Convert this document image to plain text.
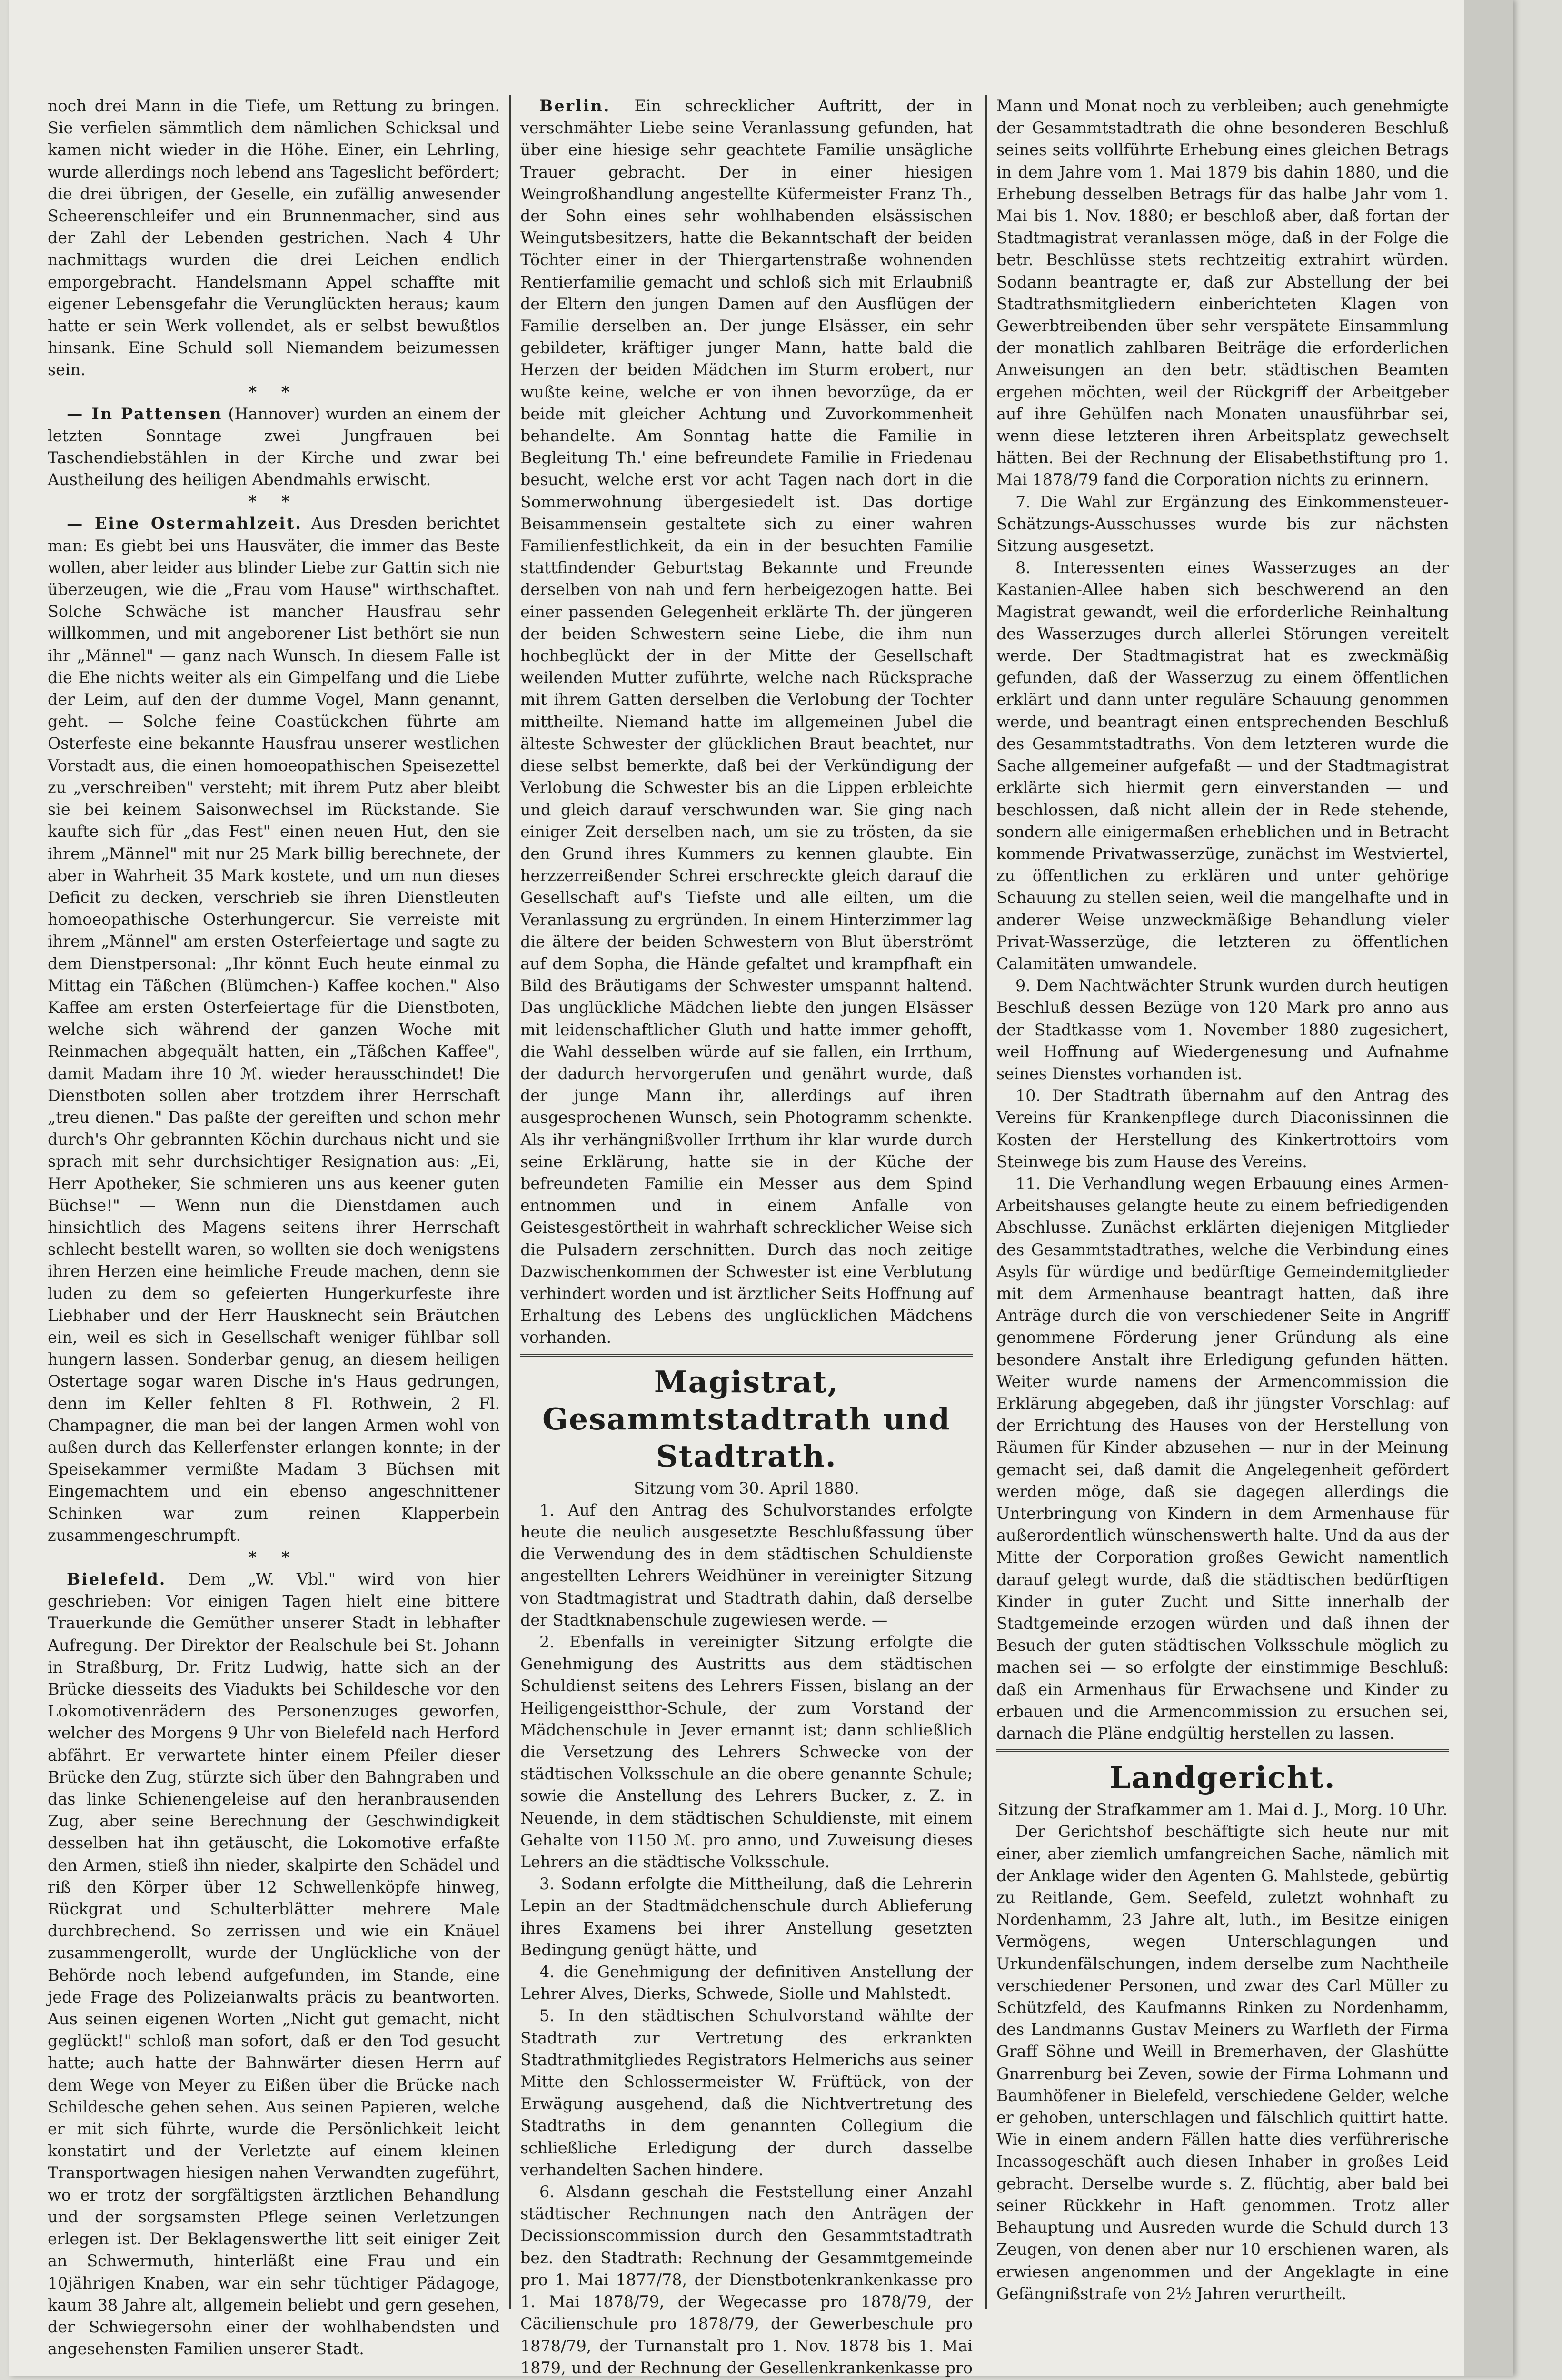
noch drei Mann in die Tiefe, um Rettung zu bringen. Sie verfielen sämmtlich dem nämlichen Schicksal und kamen nicht wieder in die Höhe. Einer, ein Lehrling, wurde allerdings noch lebend ans Tageslicht befördert; die drei übrigen, der Geselle, ein zufällig anwesender Scheerenschleifer und ein Brunnenmacher, sind aus der Zahl der Lebenden gestrichen. Nach 4 Uhr nachmittags wurden die drei Leichen endlich emporgebracht. Handelsmann Appel schaffte mit eigener Lebensgefahr die Verunglückten heraus; kaum hatte er sein Werk vollendet, als er selbst bewußtlos hinsank. Eine Schuld soll Niemandem beizumessen sein.

* *

— In Pattensen (Hannover) wurden an einem der letzten Sonntage zwei Jungfrauen bei Taschendiebstählen in der Kirche und zwar bei Austheilung des heiligen Abendmahls erwischt.

* *

— Eine Ostermahlzeit. Aus Dresden berichtet man: Es giebt bei uns Hausväter, die immer das Beste wollen, aber leider aus blinder Liebe zur Gattin sich nie überzeugen, wie die „Frau vom Hause" wirthschaftet. Solche Schwäche ist mancher Hausfrau sehr willkommen, und mit angeborener List bethört sie nun ihr „Männel" — ganz nach Wunsch. In diesem Falle ist die Ehe nichts weiter als ein Gimpelfang und die Liebe der Leim, auf den der dumme Vogel, Mann genannt, geht. — Solche feine Coastückchen führte am Osterfeste eine bekannte Hausfrau unserer westlichen Vorstadt aus, die einen homoeopathischen Speisezettel zu „verschreiben" versteht; mit ihrem Putz aber bleibt sie bei keinem Saisonwechsel im Rückstande. Sie kaufte sich für „das Fest" einen neuen Hut, den sie ihrem „Männel" mit nur 25 Mark billig berechnete, der aber in Wahrheit 35 Mark kostete, und um nun dieses Deficit zu decken, verschrieb sie ihren Dienstleuten homoeopathische Osterhungercur. Sie verreiste mit ihrem „Männel" am ersten Osterfeiertage und sagte zu dem Dienstpersonal: „Ihr könnt Euch heute einmal zu Mittag ein Täßchen (Blümchen-) Kaffee kochen." Also Kaffee am ersten Osterfeiertage für die Dienstboten, welche sich während der ganzen Woche mit Reinmachen abgequält hatten, ein „Täßchen Kaffee", damit Madam ihre 10 ℳ. wieder herausschindet! Die Dienstboten sollen aber trotzdem ihrer Herrschaft „treu dienen." Das paßte der gereiften und schon mehr durch's Ohr gebrannten Köchin durchaus nicht und sie sprach mit sehr durchsichtiger Resignation aus: „Ei, Herr Apotheker, Sie schmieren uns aus keener guten Büchse!" — Wenn nun die Dienstdamen auch hinsichtlich des Magens seitens ihrer Herrschaft schlecht bestellt waren, so wollten sie doch wenigstens ihren Herzen eine heimliche Freude machen, denn sie luden zu dem so gefeierten Hungerkurfeste ihre Liebhaber und der Herr Hausknecht sein Bräutchen ein, weil es sich in Gesellschaft weniger fühlbar soll hungern lassen. Sonderbar genug, an diesem heiligen Ostertage sogar waren Dische in's Haus gedrungen, denn im Keller fehlten 8 Fl. Rothwein, 2 Fl. Champagner, die man bei der langen Armen wohl von außen durch das Kellerfenster erlangen konnte; in der Speisekammer vermißte Madam 3 Büchsen mit Eingemachtem und ein ebenso angeschnittener Schinken war zum reinen Klapperbein zusammengeschrumpft.

* *

Bielefeld. Dem „W. Vbl." wird von hier geschrieben: Vor einigen Tagen hielt eine bittere Trauerkunde die Gemüther unserer Stadt in lebhafter Aufregung. Der Direktor der Realschule bei St. Johann in Straßburg, Dr. Fritz Ludwig, hatte sich an der Brücke diesseits des Viadukts bei Schildesche vor den Lokomotivenrädern des Personenzuges geworfen, welcher des Morgens 9 Uhr von Bielefeld nach Herford abfährt. Er verwartete hinter einem Pfeiler dieser Brücke den Zug, stürzte sich über den Bahngraben und das linke Schienengeleise auf den heranbrausenden Zug, aber seine Berechnung der Geschwindigkeit desselben hat ihn getäuscht, die Lokomotive erfaßte den Armen, stieß ihn nieder, skalpirte den Schädel und riß den Körper über 12 Schwellenköpfe hinweg, Rückgrat und Schulterblätter mehrere Male durchbrechend. So zerrissen und wie ein Knäuel zusammengerollt, wurde der Unglückliche von der Behörde noch lebend aufgefunden, im Stande, eine jede Frage des Polizeianwalts präcis zu beantworten. Aus seinen eigenen Worten „Nicht gut gemacht, nicht geglückt!" schloß man sofort, daß er den Tod gesucht hatte; auch hatte der Bahnwärter diesen Herrn auf dem Wege von Meyer zu Eißen über die Brücke nach Schildesche gehen sehen. Aus seinen Papieren, welche er mit sich führte, wurde die Persönlichkeit leicht konstatirt und der Verletzte auf einem kleinen Transportwagen hiesigen nahen Verwandten zugeführt, wo er trotz der sorgfältigsten ärztlichen Behandlung und der sorgsamsten Pflege seinen Verletzungen erlegen ist. Der Beklagenswerthe litt seit einiger Zeit an Schwermuth, hinterläßt eine Frau und ein 10jährigen Knaben, war ein sehr tüchtiger Pädagoge, kaum 38 Jahre alt, allgemein beliebt und gern gesehen, der Schwiegersohn einer der wohlhabendsten und angesehensten Familien unserer Stadt.

Berlin. Ein schrecklicher Auftritt, der in verschmähter Liebe seine Veranlassung gefunden, hat über eine hiesige sehr geachtete Familie unsägliche Trauer gebracht. Der in einer hiesigen Weingroßhandlung angestellte Küfermeister Franz Th., der Sohn eines sehr wohlhabenden elsässischen Weingutsbesitzers, hatte die Bekanntschaft der beiden Töchter einer in der Thiergartenstraße wohnenden Rentierfamilie gemacht und schloß sich mit Erlaubniß der Eltern den jungen Damen auf den Ausflügen der Familie derselben an. Der junge Elsässer, ein sehr gebildeter, kräftiger junger Mann, hatte bald die Herzen der beiden Mädchen im Sturm erobert, nur wußte keine, welche er von ihnen bevorzüge, da er beide mit gleicher Achtung und Zuvorkommenheit behandelte. Am Sonntag hatte die Familie in Begleitung Th.' eine befreundete Familie in Friedenau besucht, welche erst vor acht Tagen nach dort in die Sommerwohnung übergesiedelt ist. Das dortige Beisammensein gestaltete sich zu einer wahren Familienfestlichkeit, da ein in der besuchten Familie stattfindender Geburtstag Bekannte und Freunde derselben von nah und fern herbeigezogen hatte. Bei einer passenden Gelegenheit erklärte Th. der jüngeren der beiden Schwestern seine Liebe, die ihm nun hochbeglückt der in der Mitte der Gesellschaft weilenden Mutter zuführte, welche nach Rücksprache mit ihrem Gatten derselben die Verlobung der Tochter mittheilte. Niemand hatte im allgemeinen Jubel die älteste Schwester der glücklichen Braut beachtet, nur diese selbst bemerkte, daß bei der Verkündigung der Verlobung die Schwester bis an die Lippen erbleichte und gleich darauf verschwunden war. Sie ging nach einiger Zeit derselben nach, um sie zu trösten, da sie den Grund ihres Kummers zu kennen glaubte. Ein herzzerreißender Schrei erschreckte gleich darauf die Gesellschaft auf's Tiefste und alle eilten, um die Veranlassung zu ergründen. In einem Hinterzimmer lag die ältere der beiden Schwestern von Blut überströmt auf dem Sopha, die Hände gefaltet und krampfhaft ein Bild des Bräutigams der Schwester umspannt haltend. Das unglückliche Mädchen liebte den jungen Elsässer mit leidenschaftlicher Gluth und hatte immer gehofft, die Wahl desselben würde auf sie fallen, ein Irrthum, der dadurch hervorgerufen und genährt wurde, daß der junge Mann ihr, allerdings auf ihren ausgesprochenen Wunsch, sein Photogramm schenkte. Als ihr verhängnißvoller Irrthum ihr klar wurde durch seine Erklärung, hatte sie in der Küche der befreundeten Familie ein Messer aus dem Spind entnommen und in einem Anfalle von Geistesgestörtheit in wahrhaft schrecklicher Weise sich die Pulsadern zerschnitten. Durch das noch zeitige Dazwischenkommen der Schwester ist eine Verblutung verhindert worden und ist ärztlicher Seits Hoffnung auf Erhaltung des Lebens des unglücklichen Mädchens vorhanden.

Magistrat, Gesammtstadtrath und Stadtrath.
Sitzung vom 30. April 1880.

1. Auf den Antrag des Schulvorstandes erfolgte heute die neulich ausgesetzte Beschlußfassung über die Verwendung des in dem städtischen Schuldienste angestellten Lehrers Weidhüner in vereinigter Sitzung von Stadtmagistrat und Stadtrath dahin, daß derselbe der Stadtknabenschule zugewiesen werde. —

2. Ebenfalls in vereinigter Sitzung erfolgte die Genehmigung des Austritts aus dem städtischen Schuldienst seitens des Lehrers Fissen, bislang an der Heiligengeistthor-Schule, der zum Vorstand der Mädchenschule in Jever ernannt ist; dann schließlich die Versetzung des Lehrers Schwecke von der städtischen Volksschule an die obere genannte Schule; sowie die Anstellung des Lehrers Bucker, z. Z. in Neuende, in dem städtischen Schuldienste, mit einem Gehalte von 1150 ℳ. pro anno, und Zuweisung dieses Lehrers an die städtische Volksschule.

3. Sodann erfolgte die Mittheilung, daß die Lehrerin Lepin an der Stadtmädchenschule durch Ablieferung ihres Examens bei ihrer Anstellung gesetzten Bedingung genügt hätte, und

4. die Genehmigung der definitiven Anstellung der Lehrer Alves, Dierks, Schwede, Siolle und Mahlstedt.

5. In den städtischen Schulvorstand wählte der Stadtrath zur Vertretung des erkrankten Stadtrathmitgliedes Registrators Helmerichs aus seiner Mitte den Schlossermeister W. Früftück, von der Erwägung ausgehend, daß die Nichtvertretung des Stadtraths in dem genannten Collegium die schließliche Erledigung der durch dasselbe verhandelten Sachen hindere.

6. Alsdann geschah die Feststellung einer Anzahl städtischer Rechnungen nach den Anträgen der Decissionscommission durch den Gesammtstadtrath bez. den Stadtrath: Rechnung der Gesammtgemeinde pro 1. Mai 1877/78, der Dienstbotenkrankenkasse pro 1. Mai 1878/79, der Wegecasse pro 1878/79, der Cäcilienschule pro 1878/79, der Gewerbeschule pro 1878/79, der Turnanstalt pro 1. Nov. 1878 bis 1. Mai 1879, und der Rechnung der Gesellenkrankenkasse pro

Mann und Monat noch zu verbleiben; auch genehmigte der Gesammtstadtrath die ohne besonderen Beschluß seines seits vollführte Erhebung eines gleichen Betrags in dem Jahre vom 1. Mai 1879 bis dahin 1880, und die Erhebung desselben Betrags für das halbe Jahr vom 1. Mai bis 1. Nov. 1880; er beschloß aber, daß fortan der Stadtmagistrat veranlassen möge, daß in der Folge die betr. Beschlüsse stets rechtzeitig extrahirt würden. Sodann beantragte er, daß zur Abstellung der bei Stadtrathsmitgliedern einberichteten Klagen von Gewerbtreibenden über sehr verspätete Einsammlung der monatlich zahlbaren Beiträge die erforderlichen Anweisungen an den betr. städtischen Beamten ergehen möchten, weil der Rückgriff der Arbeitgeber auf ihre Gehülfen nach Monaten unausführbar sei, wenn diese letzteren ihren Arbeitsplatz gewechselt hätten. Bei der Rechnung der Elisabethstiftung pro 1. Mai 1878/79 fand die Corporation nichts zu erinnern.

7. Die Wahl zur Ergänzung des Einkommensteuer-Schätzungs-Ausschusses wurde bis zur nächsten Sitzung ausgesetzt.

8. Interessenten eines Wasserzuges an der Kastanien-Allee haben sich beschwerend an den Magistrat gewandt, weil die erforderliche Reinhaltung des Wasserzuges durch allerlei Störungen vereitelt werde. Der Stadtmagistrat hat es zweckmäßig gefunden, daß der Wasserzug zu einem öffentlichen erklärt und dann unter reguläre Schauung genommen werde, und beantragt einen entsprechenden Beschluß des Gesammtstadtraths. Von dem letzteren wurde die Sache allgemeiner aufgefaßt — und der Stadtmagistrat erklärte sich hiermit gern einverstanden — und beschlossen, daß nicht allein der in Rede stehende, sondern alle einigermaßen erheblichen und in Betracht kommende Privatwasserzüge, zunächst im Westviertel, zu öffentlichen zu erklären und unter gehörige Schauung zu stellen seien, weil die mangelhafte und in anderer Weise unzweckmäßige Behandlung vieler Privat-Wasserzüge, die letzteren zu öffentlichen Calamitäten umwandele.

9. Dem Nachtwächter Strunk wurden durch heutigen Beschluß dessen Bezüge von 120 Mark pro anno aus der Stadtkasse vom 1. November 1880 zugesichert, weil Hoffnung auf Wiedergenesung und Aufnahme seines Dienstes vorhanden ist.

10. Der Stadtrath übernahm auf den Antrag des Vereins für Krankenpflege durch Diaconissinnen die Kosten der Herstellung des Kinkertrottoirs vom Steinwege bis zum Hause des Vereins.

11. Die Verhandlung wegen Erbauung eines Armen-Arbeitshauses gelangte heute zu einem befriedigenden Abschlusse. Zunächst erklärten diejenigen Mitglieder des Gesammtstadtrathes, welche die Verbindung eines Asyls für würdige und bedürftige Gemeindemitglieder mit dem Armenhause beantragt hatten, daß ihre Anträge durch die von verschiedener Seite in Angriff genommene Förderung jener Gründung als eine besondere Anstalt ihre Erledigung gefunden hätten. Weiter wurde namens der Armencommission die Erklärung abgegeben, daß ihr jüngster Vorschlag: auf der Errichtung des Hauses von der Herstellung von Räumen für Kinder abzusehen — nur in der Meinung gemacht sei, daß damit die Angelegenheit gefördert werden möge, daß sie dagegen allerdings die Unterbringung von Kindern in dem Armenhause für außerordentlich wünschenswerth halte. Und da aus der Mitte der Corporation großes Gewicht namentlich darauf gelegt wurde, daß die städtischen bedürftigen Kinder in guter Zucht und Sitte innerhalb der Stadtgemeinde erzogen würden und daß ihnen der Besuch der guten städtischen Volksschule möglich zu machen sei — so erfolgte der einstimmige Beschluß: daß ein Armenhaus für Erwachsene und Kinder zu erbauen und die Armencommission zu ersuchen sei, darnach die Pläne endgültig herstellen zu lassen.

Landgericht.
Sitzung der Strafkammer am 1. Mai d. J., Morg. 10 Uhr.

Der Gerichtshof beschäftigte sich heute nur mit einer, aber ziemlich umfangreichen Sache, nämlich mit der Anklage wider den Agenten G. Mahlstede, gebürtig zu Reitlande, Gem. Seefeld, zuletzt wohnhaft zu Nordenhamm, 23 Jahre alt, luth., im Besitze einigen Vermögens, wegen Unterschlagungen und Urkundenfälschungen, indem derselbe zum Nachtheile verschiedener Personen, und zwar des Carl Müller zu Schützfeld, des Kaufmanns Rinken zu Nordenhamm, des Landmanns Gustav Meiners zu Warfleth der Firma Graff Söhne und Weill in Bremerhaven, der Glashütte Gnarrenburg bei Zeven, sowie der Firma Lohmann und Baumhöfener in Bielefeld, verschiedene Gelder, welche er gehoben, unterschlagen und fälschlich quittirt hatte. Wie in einem andern Fällen hatte dies verführerische Incassogeschäft auch diesen Inhaber in großes Leid gebracht. Derselbe wurde s. Z. flüchtig, aber bald bei seiner Rückkehr in Haft genommen. Trotz aller Behauptung und Ausreden wurde die Schuld durch 13 Zeugen, von denen aber nur 10 erschienen waren, als erwiesen angenommen und der Angeklagte in eine Gefängnißstrafe von 2½ Jahren verurtheilt.
